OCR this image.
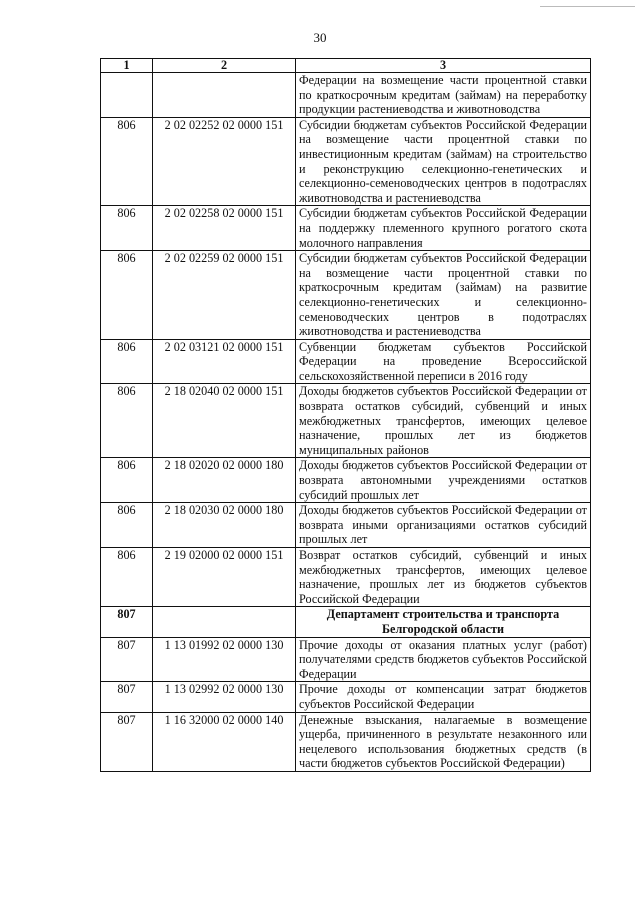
30
1	2	3
		Федерации на возмещение части процентной ставки по краткосрочным кредитам (займам) на переработку продукции растениеводства и животноводства
806	2 02 02252 02 0000 151	Субсидии бюджетам субъектов Российской Федерации на возмещение части процентной ставки по инвестиционным кредитам (займам) на строительство и реконструкцию селекционно-генетических и селекционно-семеноводческих центров в подотраслях животноводства и растениеводства
806	2 02 02258 02 0000 151	Субсидии бюджетам субъектов Российской Федерации на поддержку племенного крупного рогатого скота молочного направления
806	2 02 02259 02 0000 151	Субсидии бюджетам субъектов Российской Федерации на возмещение части процентной ставки по краткосрочным кредитам (займам) на развитие селекционно-генетических и селекционно-семеноводческих центров в подотраслях животноводства и растениеводства
806	2 02 03121 02 0000 151	Субвенции бюджетам субъектов Российской Федерации на проведение Всероссийской сельскохозяйственной переписи в 2016 году
806	2 18 02040 02 0000 151	Доходы бюджетов субъектов Российской Федерации от возврата остатков субсидий, субвенций и иных межбюджетных трансфертов, имеющих целевое назначение, прошлых лет из бюджетов муниципальных районов
806	2 18 02020 02 0000 180	Доходы бюджетов субъектов Российской Федерации от возврата автономными учреждениями остатков субсидий прошлых лет
806	2 18 02030 02 0000 180	Доходы бюджетов субъектов Российской Федерации от возврата иными организациями остатков субсидий прошлых лет
806	2 19 02000 02 0000 151	Возврат остатков субсидий, субвенций и иных межбюджетных трансфертов, имеющих целевое назначение, прошлых лет из бюджетов субъектов Российской Федерации
807		Департамент строительства и транспорта Белгородской области
807	1 13 01992 02 0000 130	Прочие доходы от оказания платных услуг (работ) получателями средств бюджетов субъектов Российской Федерации
807	1 13 02992 02 0000 130	Прочие доходы от компенсации затрат бюджетов субъектов Российской Федерации
807	1 16 32000 02 0000 140	Денежные взыскания, налагаемые в возмещение ущерба, причиненного в результате незаконного или нецелевого использования бюджетных средств (в части бюджетов субъектов Российской Федерации)
